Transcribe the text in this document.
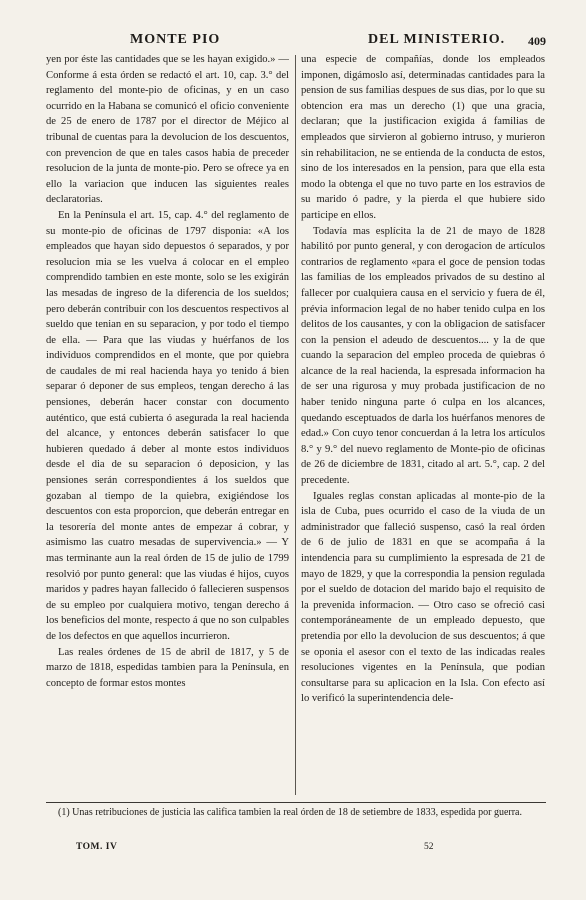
MONTE PIO	DEL MINISTERIO. 409

yen por éste las cantidades que se les hayan exigido.» — Conforme á esta órden se redactó el art. 10, cap. 3.° del reglamento del monte-pio de oficinas, y en un caso ocurrido en la Habana se comunicó el oficio conveniente de 25 de enero de 1787 por el director de Méjico al tribunal de cuentas para la devolucion de los descuentos, con prevencion de que en tales casos habia de preceder resolucion de la junta de monte-pio. Pero se ofrece ya en ello la variacion que inducen las siguientes reales declaratorias.

En la Península el art. 15, cap. 4.° del reglamento de su monte-pio de oficinas de 1797 disponia: «A los empleados que hayan sido depuestos ó separados, y por resolucion mia se les vuelva á colocar en el empleo comprendido tambien en este monte, solo se les exigirán las mesadas de ingreso de la diferencia de los sueldos; pero deberán contribuir con los descuentos respectivos al sueldo que tenian en su separacion, y por todo el tiempo de ella. — Para que las viudas y huérfanos de los individuos comprendidos en el monte, que por quiebra de caudales de mi real hacienda haya yo tenido á bien separar ó deponer de sus empleos, tengan derecho á las pensiones, deberán hacer constar con documento auténtico, que está cubierta ó asegurada la real hacienda del alcance, y entonces deberán satisfacer lo que hubieren quedado á deber al monte estos individuos desde el dia de su separacion ó deposicion, y las pensiones serán correspondientes á los sueldos que gozaban al tiempo de la quiebra, exigiéndose los descuentos con esta proporcion, que deberán entregar en la tesorería del monte antes de empezar á cobrar, y asimismo las cuatro mesadas de supervivencia.» — Y mas terminante aun la real órden de 15 de julio de 1799 resolvió por punto general: que las viudas é hijos, cuyos maridos y padres hayan fallecido ó fallecieren suspensos de su empleo por cualquiera motivo, tengan derecho á los beneficios del monte, respecto á que no son culpables de los defectos en que aquellos incurrieron.

Las reales órdenes de 15 de abril de 1817, y 5 de marzo de 1818, espedidas tambien para la Península, en concepto de formar estos montes

una especie de compañías, donde los empleados imponen, digámoslo así, determinadas cantidades para la pension de sus familias despues de sus dias, por lo que su obtencion era mas un derecho (1) que una gracia, declaran; que la justificacion exigida á familias de empleados que sirvieron al gobierno intruso, y murieron sin rehabilitacion, ne se entienda de la conducta de estos, sino de los interesados en la pension, para que ella esta modo la obtenga el que no tuvo parte en los estravios de su marido ó padre, y la pierda el que hubiere sido participe en ellos.

Todavía mas esplícita la de 21 de mayo de 1828 habilitó por punto general, y con derogacion de artículos contrarios de reglamento «para el goce de pension todas las familias de los empleados privados de su destino al fallecer por cualquiera causa en el servicio y fuera de él, prévia informacion legal de no haber tenido culpa en los delitos de los causantes, y con la obligacion de satisfacer con la pension el adeudo de descuentos.... y la de que cuando la separacion del empleo proceda de quiebras ó alcance de la real hacienda, la espresada informacion ha de ser una rigurosa y muy probada justificacion de no haber tenido ninguna parte ó culpa en los alcances, quedando esceptuados de darla los huérfanos menores de edad.» Con cuyo tenor concuerdan á la letra los artículos 8.° y 9.° del nuevo reglamento de Monte-pio de oficinas de 26 de diciembre de 1831, citado al art. 5.°, cap. 2 del precedente.

Iguales reglas constan aplicadas al monte-pio de la isla de Cuba, pues ocurrido el caso de la viuda de un administrador que falleció suspenso, casó la real órden de 6 de julio de 1831 en que se acompaña á la intendencia para su cumplimiento la espresada de 21 de mayo de 1829, y que la correspondia la pension regulada por el sueldo de dotacion del marido bajo el requisito de la prevenida informacion. — Otro caso se ofreció casi contemporáneamente de un empleado depuesto, que pretendia por ello la devolucion de sus descuentos; á que se oponia el asesor con el texto de las indicadas reales resoluciones vigentes en la Península, que podian consultarse para su aplicacion en la Isla. Con efecto así lo verificó la superintendencia dele-

(1) Unas retribuciones de justicia las califica tambien la real órden de 18 de setiembre de 1833, espedida por guerra.

TOM. IV	52
